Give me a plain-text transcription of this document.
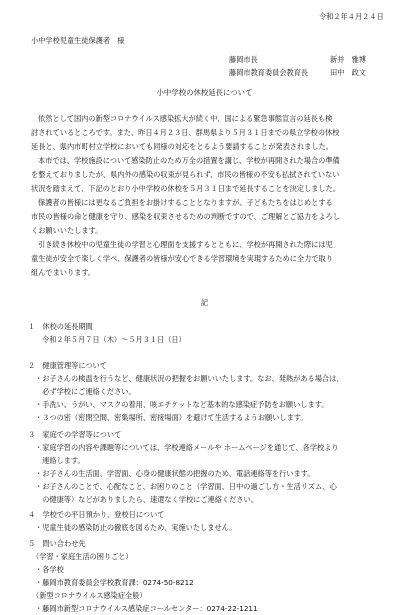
令和２年４月２４日
小中学校児童生徒保護者　様
藤岡市長	新井　雅博
藤岡市教育委員会教育長	田中　政文
小中学校の休校延長について
依然として国内の新型コロナウイルス感染拡大が続く中、国による緊急事態宣言の延長も検
討されているところです。また、昨日４月２３日、群馬県より５月３１日までの県立学校の休校
延長と、県内市町村立学校においても同様の対応をとるよう要請することが発表されました。
本市では、学校施設について感染防止のため万全の措置を講じ、学校が再開された場合の準備
を整えておりましたが、県内外の感染の収束が見られず、市民の皆様の不安も払拭されていない
状況を踏まえて、下記のとおり小中学校の休校を５月３１日まで延長することを決定しました。
保護者の皆様には更なるご負担をお掛けすることとなりますが、子どもたちをはじめとする
市民の皆様の命と健康を守り、感染を収束させるための判断ですので、ご理解とご協力をよろし
くお願いいたします。
引き続き休校中の児童生徒の学習と心理面を支援するとともに、学校が再開された際には児
童生徒が安全で楽しく学べ、保護者の皆様が安心できる学習環境を実現するために全力で取り
組んでまいります。
記
１　休校の延長期間
令和２年５月７日（木）～５月３１日（日）
２　健康管理等について
・お子さんの検温を行うなど、健康状況の把握をお願いいたします。なお、発熱がある場合は、
　必ず学校にご連絡ください。
・手洗い、うがい、マスクの着用、咳エチケットなど基本的な感染症予防をお願いします。
・３つの密（密閉空間、密集場所、密接場面）を避けて生活するようお願いします。
３　家庭での学習等について
・家庭学習の内容や課題等については、学校連絡メールや ホームページを通じて、各学校より
　連絡します。
・お子さんの生活面、学習面、心身の健康状態の把握のため、電話連絡等を行います。
・お子さんのことで、心配なこと、お困りのこと（学習面、日中の過ごし方・生活リズム、心
　の健康等）などがありましたら、速還なく学校にご連絡ください。
４　学校での平日預かり、登校日について
・児童生徒の感染防止の徹底を図るため、実施いたしません。
５　問い合わせ先
（学習・家庭生活の困りごと）
・各学校
・藤岡市教育委員会学校教育課：0274-50-8212
（新型コロナウイルス感染症全般）
・藤岡市新型コロナウイルス感染症コールセンター：0274-22-1211
